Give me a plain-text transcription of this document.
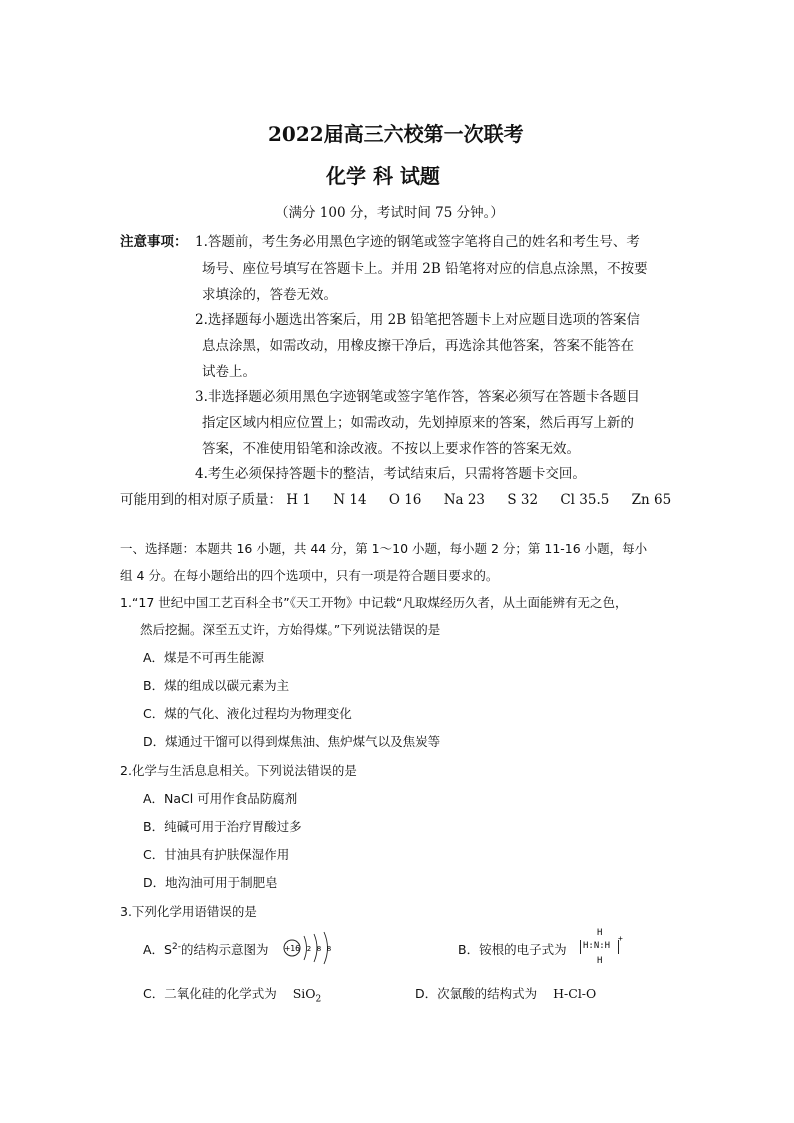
2022届高三六校第一次联考
化学 科 试题
（满分 100 分，考试时间 75 分钟。）
注意事项： 1.答题前，考生务必用黑色字迹的钢笔或签字笔将自己的姓名和考生号、考
场号、座位号填写在答题卡上。并用 2B 铅笔将对应的信息点涂黑，不按要
求填涂的，答卷无效。
2.选择题每小题选出答案后，用 2B 铅笔把答题卡上对应题目选项的答案信
息点涂黑，如需改动，用橡皮擦干净后，再选涂其他答案，答案不能答在
试卷上。
3.非选择题必须用黑色字迹钢笔或签字笔作答，答案必须写在答题卡各题目
指定区域内相应位置上；如需改动，先划掉原来的答案，然后再写上新的
答案，不准使用铅笔和涂改液。不按以上要求作答的答案无效。
4.考生必须保持答题卡的整洁，考试结束后，只需将答题卡交回。
可能用到的相对原子质量： H 1 N 14 O 16 Na 23 S 32 Cl 35.5 Zn 65
一、选择题：本题共 16 小题，共 44 分，第 1～10 小题，每小题 2 分；第 11-16 小题，每小
组 4 分。在每小题给出的四个选项中，只有一项是符合题目要求的。
1.“17 世纪中国工艺百科全书”《天工开物》中记载“凡取煤经历久者，从土面能辨有无之色，
然后挖掘。深至五丈许，方始得煤。”下列说法错误的是
A．煤是不可再生能源
B．煤的组成以碳元素为主
C．煤的气化、液化过程均为物理变化
D．煤通过干馏可以得到煤焦油、焦炉煤气以及焦炭等
2.化学与生活息息相关。下列说法错误的是
A．NaCl 可用作食品防腐剂
B．纯碱可用于治疗胃酸过多
C．甘油具有护肤保湿作用
D．地沟油可用于制肥皂
3.下列化学用语错误的是
A．$S^{2-}$的结构示意图为 +16 2 8 8	B．铵根的电子式为
H
H:N:H
H
+
C．二氧化硅的化学式为 SiO$_2$	D．次氯酸的结构式为 H-Cl-O
